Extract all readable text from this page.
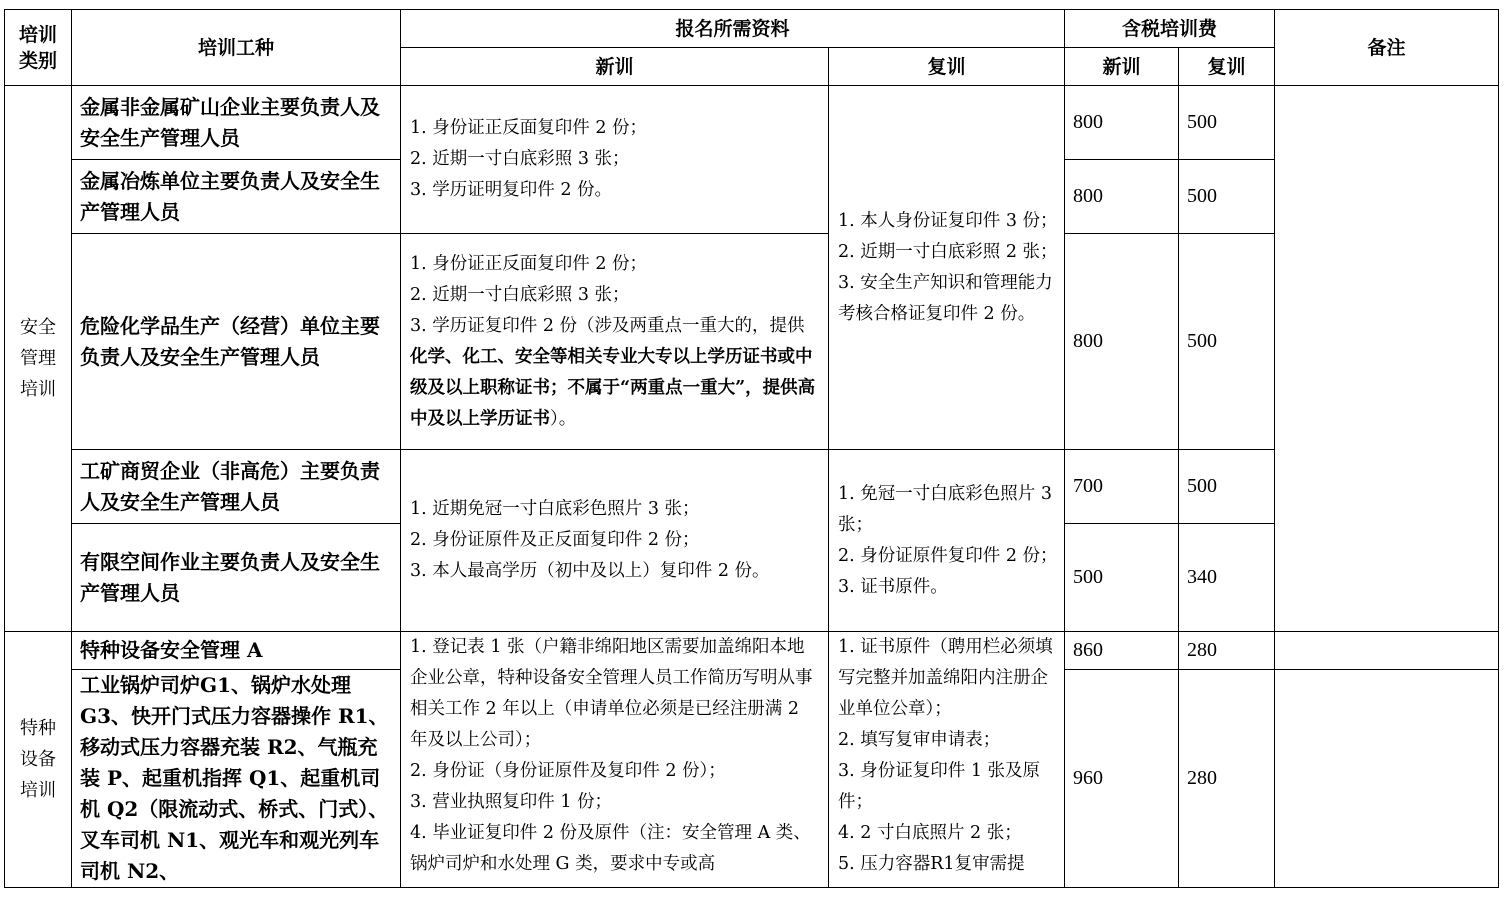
培训
类别	培训工种	报名所需资料		含税培训费		备注
		新训	复训	新训	复训	

安全
管理
培训	金属非金属矿山企业主要负责人及安全生产管理人员	1. 身份证正反面复印件 2 份；
2. 近期一寸白底彩照 3 张；
3. 学历证明复印件 2 份。	1. 本人身份证复印件 3 份；
2. 近期一寸白底彩照 2 张；
3. 安全生产知识和管理能力考核合格证复印件 2 份。	800	500	
	金属冶炼单位主要负责人及安全生产管理人员			800	500	
	危险化学品生产（经营）单位主要负责人及安全生产管理人员	1. 身份证正反面复印件 2 份；
2. 近期一寸白底彩照 3 张；
3. 学历证复印件 2 份（涉及两重点一重大的，提供化学、化工、安全等相关专业大专以上学历证书或中级及以上职称证书；不属于“两重点一重大”，提供高中及以上学历证书）。		800	500	
	工矿商贸企业（非高危）主要负责人及安全生产管理人员	1. 近期免冠一寸白底彩色照片 3 张；
2. 身份证原件及正反面复印件 2 份；
3. 本人最高学历（初中及以上）复印件 2 份。	1. 免冠一寸白底彩色照片 3 张；
2. 身份证原件复印件 2 份；
3. 证书原件。	700	500	
	有限空间作业主要负责人及安全生产管理人员			500	340	

特种
设备
培训	特种设备安全管理 A	1. 登记表 1 张（户籍非绵阳地区需要加盖绵阳本地企业公章，特种设备安全管理人员工作简历写明从事相关工作 2 年以上（申请单位必须是已经注册满 2 年及以上公司）；
2. 身份证（身份证原件及复印件 2 份）；
3. 营业执照复印件 1 份；
4. 毕业证复印件 2 份及原件（注：安全管理 A 类、锅炉司炉和水处理 G 类，要求中专或高	1. 证书原件（聘用栏必须填写完整并加盖绵阳内注册企业单位公章）；
2. 填写复审申请表；
3. 身份证复印件 1 张及原件；
4. 2 寸白底照片 2 张；
5. 压力容器R1复审需提	860	280	
	工业锅炉司炉G1、锅炉水处理G3、快开门式压力容器操作 R1、移动式压力容器充装 R2、气瓶充装 P、起重机指挥 Q1、起重机司机 Q2（限流动式、桥式、门式）、叉车司机 N1、观光车和观光列车司机 N2、			960	280	
